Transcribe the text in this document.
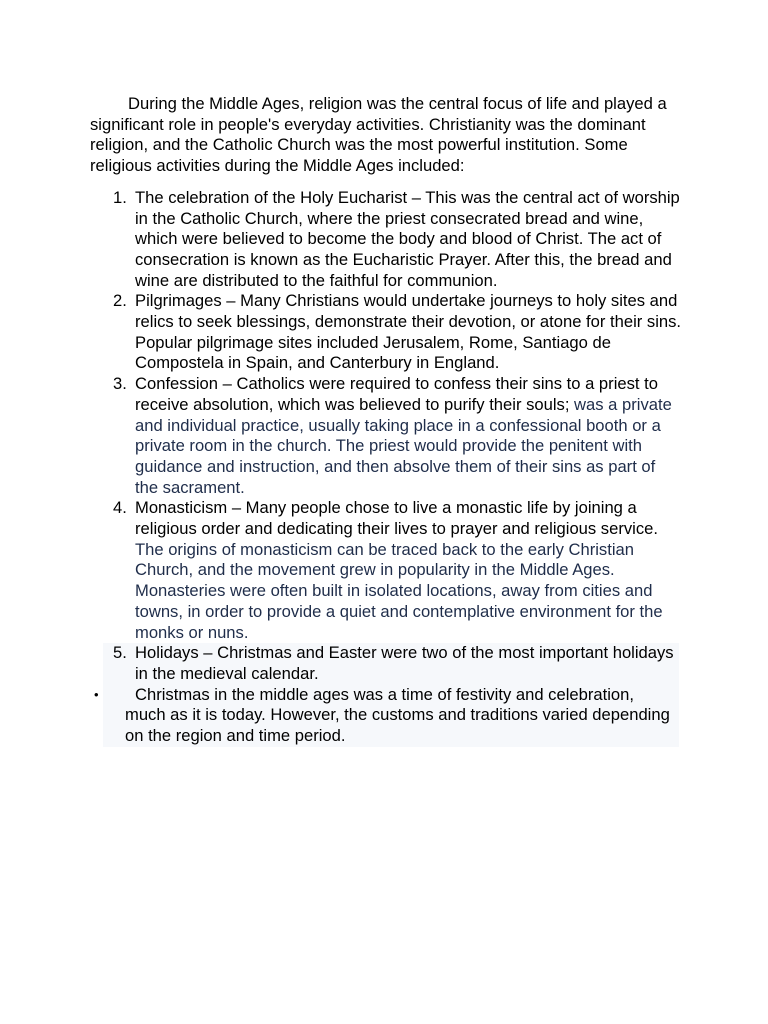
During the Middle Ages, religion was the central focus of life and played a significant role in people's everyday activities. Christianity was the dominant religion, and the Catholic Church was the most powerful institution. Some religious activities during the Middle Ages included:

1. The celebration of the Holy Eucharist – This was the central act of worship in the Catholic Church, where the priest consecrated bread and wine, which were believed to become the body and blood of Christ. The act of consecration is known as the Eucharistic Prayer. After this, the bread and wine are distributed to the faithful for communion.
2. Pilgrimages – Many Christians would undertake journeys to holy sites and relics to seek blessings, demonstrate their devotion, or atone for their sins. Popular pilgrimage sites included Jerusalem, Rome, Santiago de Compostela in Spain, and Canterbury in England.
3. Confession – Catholics were required to confess their sins to a priest to receive absolution, which was believed to purify their souls; was a private and individual practice, usually taking place in a confessional booth or a private room in the church. The priest would provide the penitent with guidance and instruction, and then absolve them of their sins as part of the sacrament.
4. Monasticism – Many people chose to live a monastic life by joining a religious order and dedicating their lives to prayer and religious service. The origins of monasticism can be traced back to the early Christian Church, and the movement grew in popularity in the Middle Ages. Monasteries were often built in isolated locations, away from cities and towns, in order to provide a quiet and contemplative environment for the monks or nuns.
5. Holidays – Christmas and Easter were two of the most important holidays in the medieval calendar.
•	Christmas in the middle ages was a time of festivity and celebration, much as it is today. However, the customs and traditions varied depending on the region and time period.
